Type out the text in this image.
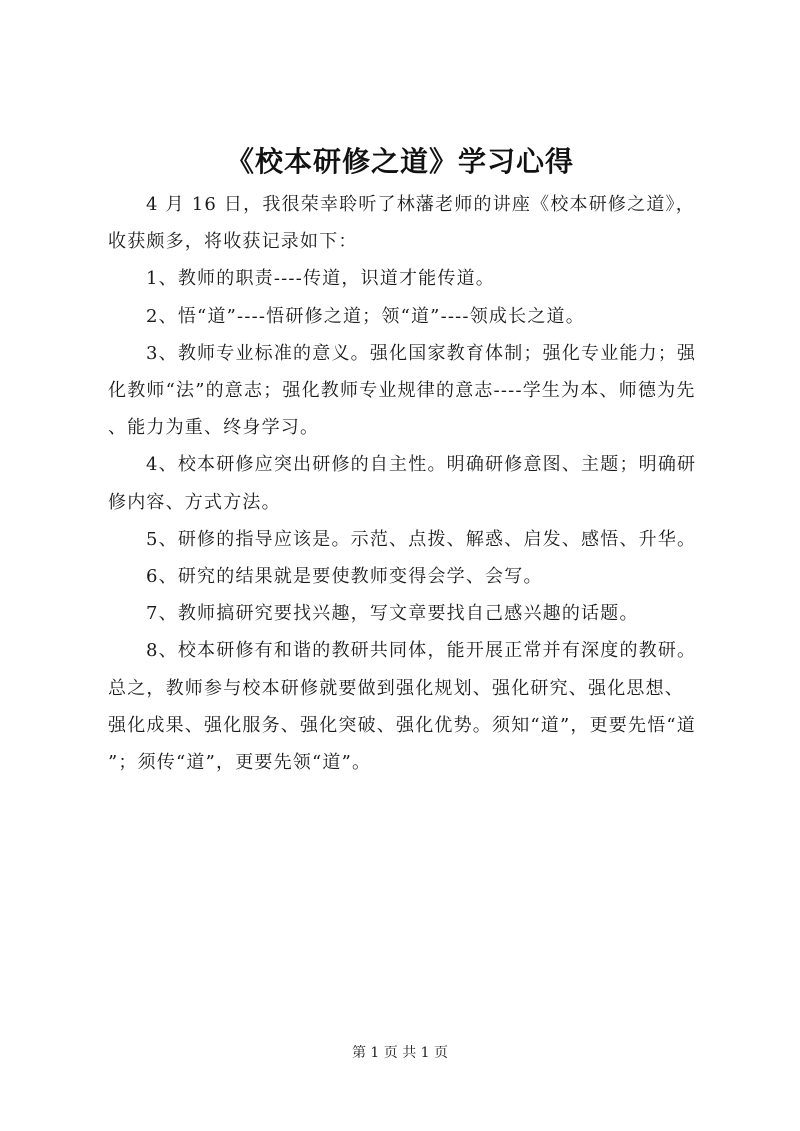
《校本研修之道》学习心得

4 月 16 日，我很荣幸聆听了林藩老师的讲座《校本研修之道》，收获颇多，将收获记录如下：

1、教师的职责----传道，识道才能传道。

2、悟“道”----悟研修之道；领“道”----领成长之道。

3、教师专业标准的意义。强化国家教育体制；强化专业能力；强化教师“法”的意志；强化教师专业规律的意志----学生为本、师德为先、能力为重、终身学习。

4、校本研修应突出研修的自主性。明确研修意图、主题；明确研修内容、方式方法。

5、研修的指导应该是。示范、点拨、解惑、启发、感悟、升华。

6、研究的结果就是要使教师变得会学、会写。

7、教师搞研究要找兴趣，写文章要找自己感兴趣的话题。

8、校本研修有和谐的教研共同体，能开展正常并有深度的教研。总之，教师参与校本研修就要做到强化规划、强化研究、强化思想、强化成果、强化服务、强化突破、强化优势。须知“道”，更要先悟“道”；须传“道”，更要先领“道”。

第 1 页 共 1 页
